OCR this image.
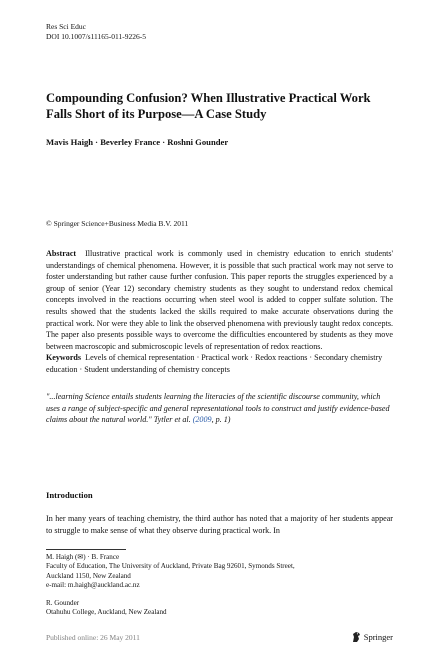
Res Sci Educ
DOI 10.1007/s11165-011-9226-5
Compounding Confusion? When Illustrative Practical Work Falls Short of its Purpose—A Case Study
Mavis Haigh · Beverley France · Roshni Gounder
© Springer Science+Business Media B.V. 2011

Abstract Illustrative practical work is commonly used in chemistry education to enrich students' understandings of chemical phenomena. However, it is possible that such practical work may not serve to foster understanding but rather cause further confusion. This paper reports the struggles experienced by a group of senior (Year 12) secondary chemistry students as they sought to understand redox chemical concepts involved in the reactions occurring when steel wool is added to copper sulfate solution. The results showed that the students lacked the skills required to make accurate observations during the practical work. Nor were they able to link the observed phenomena with previously taught redox concepts. The paper also presents possible ways to overcome the difficulties encountered by students as they move between macroscopic and submicroscopic levels of representation of redox reactions.

Keywords Levels of chemical representation · Practical work · Redox reactions · Secondary chemistry education · Student understanding of chemistry concepts

"...learning Science entails students learning the literacies of the scientific discourse community, which uses a range of subject-specific and general representational tools to construct and justify evidence-based claims about the natural world." Tytler et al. (2009, p. 1)

Introduction
In her many years of teaching chemistry, the third author has noted that a majority of her students appear to struggle to make sense of what they observe during practical work. In
M. Haigh (✉) · B. France
Faculty of Education, The University of Auckland, Private Bag 92601, Symonds Street,
Auckland 1150, New Zealand
e-mail: m.haigh@auckland.ac.nz
R. Gounder
Otahuhu College, Auckland, New Zealand
Published online: 26 May 2011	Springer
